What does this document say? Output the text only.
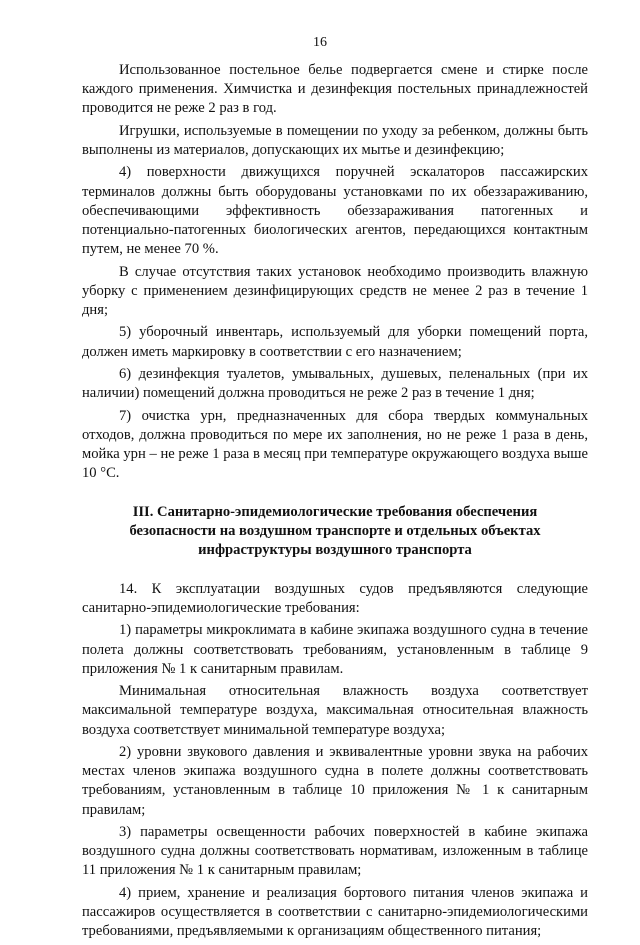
16

Использованное постельное белье подвергается смене и стирке после каждого применения. Химчистка и дезинфекция постельных принадлежностей проводится не реже 2 раз в год.

Игрушки, используемые в помещении по уходу за ребенком, должны быть выполнены из материалов, допускающих их мытье и дезинфекцию;

4) поверхности движущихся поручней эскалаторов пассажирских терминалов должны быть оборудованы установками по их обеззараживанию, обеспечивающими эффективность обеззараживания патогенных и потенциально-патогенных биологических агентов, передающихся контактным путем, не менее 70 %.

В случае отсутствия таких установок необходимо производить влажную уборку с применением дезинфицирующих средств не менее 2 раз в течение 1 дня;

5) уборочный инвентарь, используемый для уборки помещений порта, должен иметь маркировку в соответствии с его назначением;

6) дезинфекция туалетов, умывальных, душевых, пеленальных (при их наличии) помещений должна проводиться не реже 2 раз в течение 1 дня;

7) очистка урн, предназначенных для сбора твердых коммунальных отходов, должна проводиться по мере их заполнения, но не реже 1 раза в день, мойка урн – не реже 1 раза в месяц при температуре окружающего воздуха выше 10 °С.

III. Санитарно-эпидемиологические требования обеспечения безопасности на воздушном транспорте и отдельных объектах инфраструктуры воздушного транспорта

14. К эксплуатации воздушных судов предъявляются следующие санитарно-эпидемиологические требования:

1) параметры микроклимата в кабине экипажа воздушного судна в течение полета должны соответствовать требованиям, установленным в таблице 9 приложения № 1 к санитарным правилам.

Минимальная относительная влажность воздуха соответствует максимальной температуре воздуха, максимальная относительная влажность воздуха соответствует минимальной температуре воздуха;

2) уровни звукового давления и эквивалентные уровни звука на рабочих местах членов экипажа воздушного судна в полете должны соответствовать требованиям, установленным в таблице 10 приложения № 1 к санитарным правилам;

3) параметры освещенности рабочих поверхностей в кабине экипажа воздушного судна должны соответствовать нормативам, изложенным в таблице 11 приложения № 1 к санитарным правилам;

4) прием, хранение и реализация бортового питания членов экипажа и пассажиров осуществляется в соответствии с санитарно-эпидемиологическими требованиями, предъявляемыми к организациям общественного питания;
